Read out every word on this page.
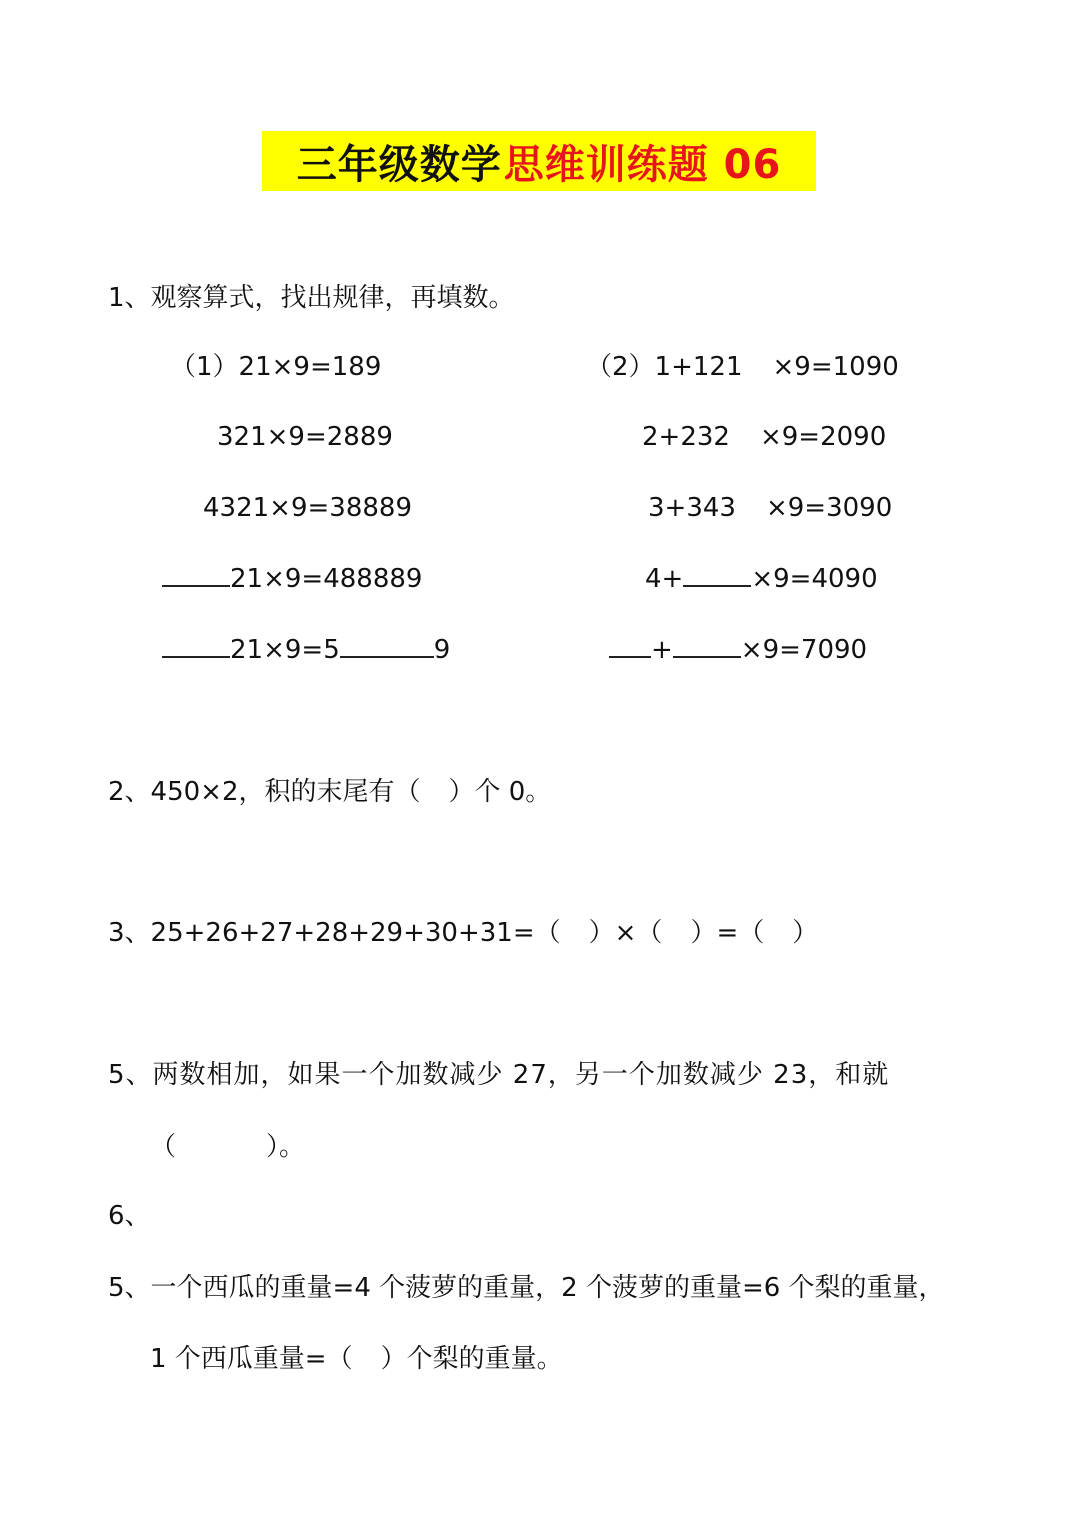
三年级数学 思维训练题 06
1、观察算式，找出规律，再填数。
（1）21×9=189
321×9=2889
4321×9=38889
21×9=488889
21×9=5	9
（2）1+121 ×9=1090
2+232 ×9=2090
3+343 ×9=3090
4+	×9=4090
+	×9=7090
2、450×2，积的末尾有（ ）个 0。
3、25+26+27+28+29+30+31=（ ）×（ ）=（ ）
5、两数相加，如果一个加数减少 27，另一个加数减少 23，和就
（	）。
6、
5、一个西瓜的重量=4 个菠萝的重量，2 个菠萝的重量=6 个梨的重量，
1 个西瓜重量=（ ）个梨的重量。
